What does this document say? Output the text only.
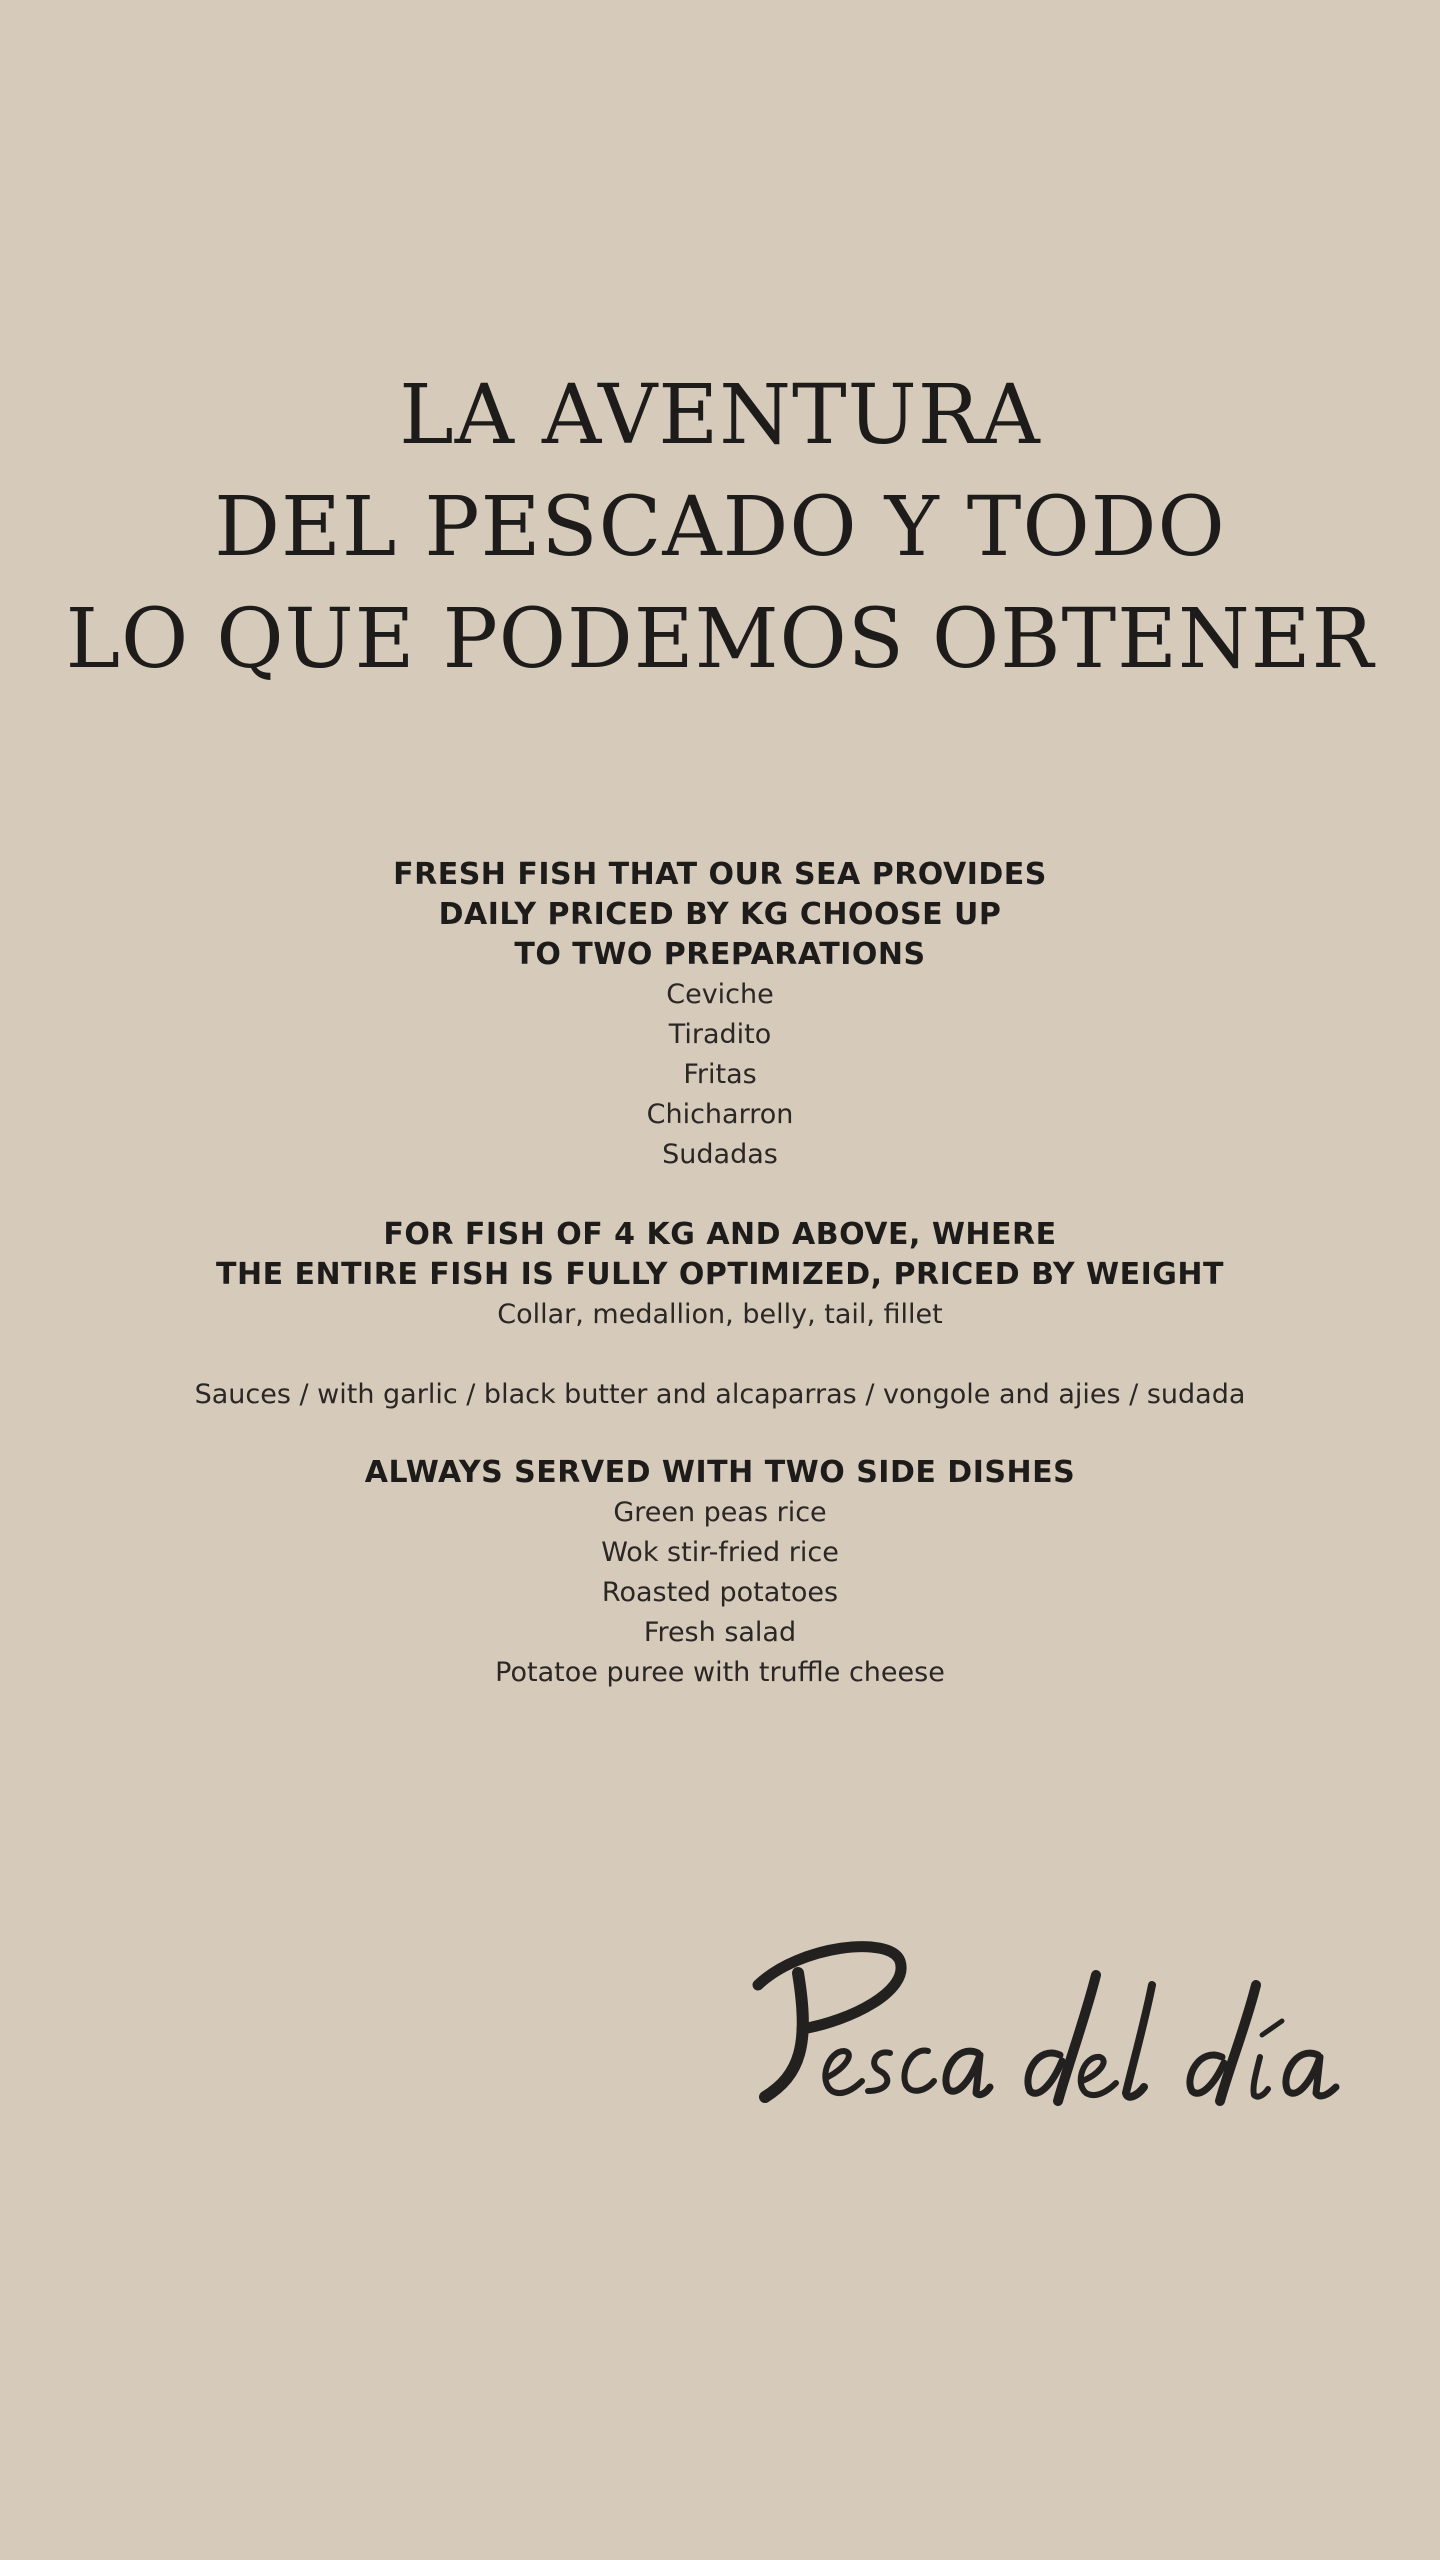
LA AVENTURA
DEL PESCADO Y TODO
LO QUE PODEMOS OBTENER
FRESH FISH THAT OUR SEA PROVIDES
DAILY PRICED BY KG CHOOSE UP
TO TWO PREPARATIONS
Ceviche
Tiradito
Fritas
Chicharron
Sudadas
FOR FISH OF 4 KG AND ABOVE, WHERE
THE ENTIRE FISH IS FULLY OPTIMIZED, PRICED BY WEIGHT
Collar, medallion, belly, tail, fillet
Sauces / with garlic / black butter and alcaparras / vongole and ajies / sudada
ALWAYS SERVED WITH TWO SIDE DISHES
Green peas rice
Wok stir-fried rice
Roasted potatoes
Fresh salad
Potatoe puree with truffle cheese
